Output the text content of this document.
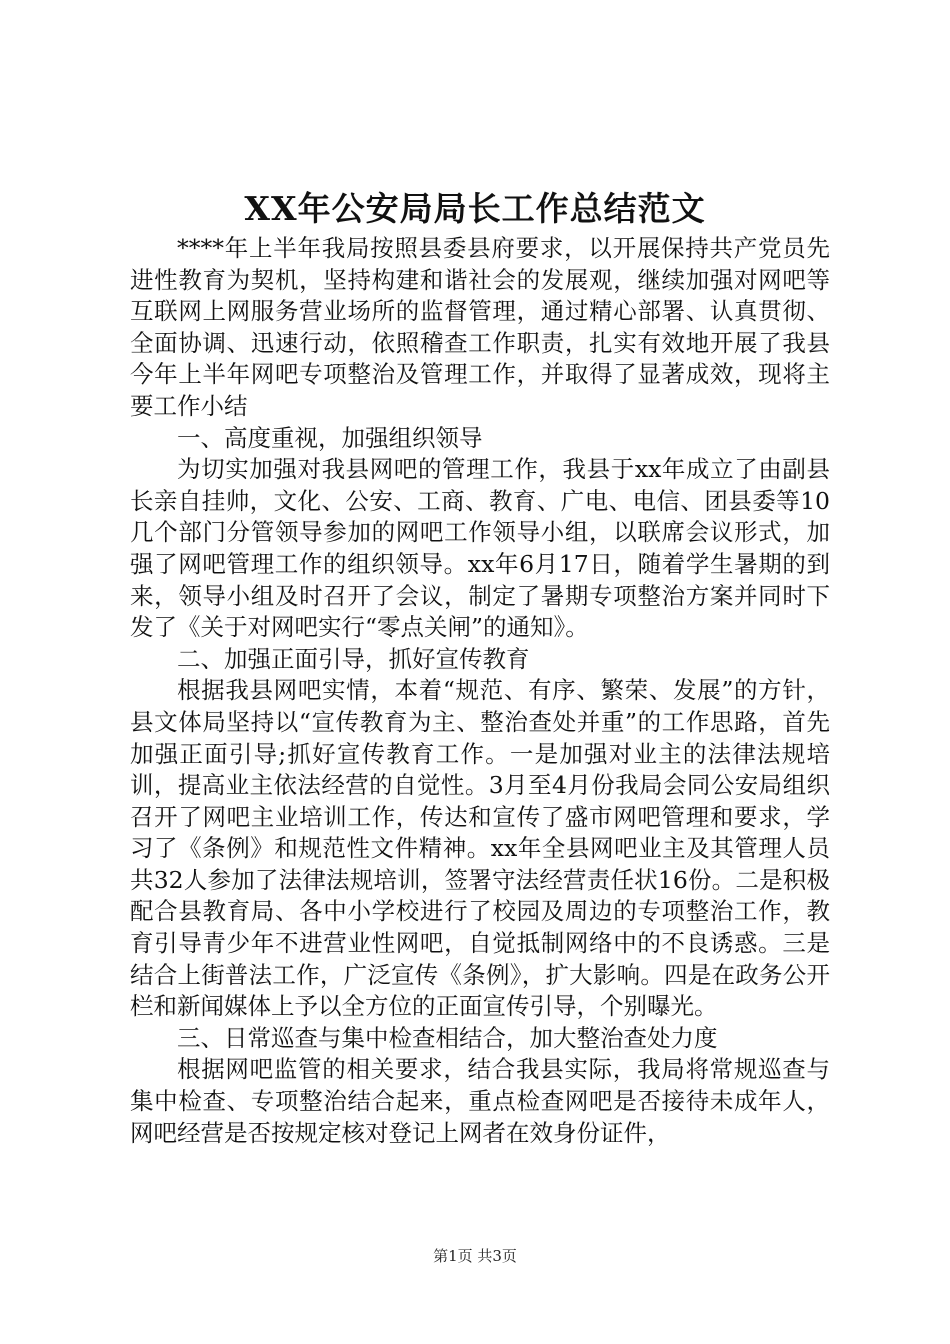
XX年公安局局长工作总结范文

****年上半年我局按照县委县府要求，以开展保持共产党员先进性教育为契机，坚持构建和谐社会的发展观，继续加强对网吧等互联网上网服务营业场所的监督管理，通过精心部署、认真贯彻、全面协调、迅速行动，依照稽查工作职责，扎实有效地开展了我县今年上半年网吧专项整治及管理工作，并取得了显著成效，现将主要工作小结

一、高度重视，加强组织领导

为切实加强对我县网吧的管理工作，我县于xx年成立了由副县长亲自挂帅，文化、公安、工商、教育、广电、电信、团县委等10几个部门分管领导参加的网吧工作领导小组，以联席会议形式，加强了网吧管理工作的组织领导。xx年6月17日，随着学生暑期的到来，领导小组及时召开了会议，制定了暑期专项整治方案并同时下发了《关于对网吧实行“零点关闸”的通知》。

二、加强正面引导，抓好宣传教育

根据我县网吧实情，本着“规范、有序、繁荣、发展”的方针，县文体局坚持以“宣传教育为主、整治查处并重”的工作思路，首先加强正面引导;抓好宣传教育工作。一是加强对业主的法律法规培训，提高业主依法经营的自觉性。3月至4月份我局会同公安局组织召开了网吧主业培训工作，传达和宣传了盛市网吧管理和要求，学习了《条例》和规范性文件精神。xx年全县网吧业主及其管理人员共32人参加了法律法规培训，签署守法经营责任状16份。二是积极配合县教育局、各中小学校进行了校园及周边的专项整治工作，教育引导青少年不进营业性网吧，自觉抵制网络中的不良诱惑。三是结合上街普法工作，广泛宣传《条例》，扩大影响。四是在政务公开栏和新闻媒体上予以全方位的正面宣传引导，个别曝光。

三、日常巡查与集中检查相结合，加大整治查处力度

根据网吧监管的相关要求，结合我县实际，我局将常规巡查与集中检查、专项整治结合起来，重点检查网吧是否接待未成年人，网吧经营是否按规定核对登记上网者在效身份证件，

第1页 共3页
